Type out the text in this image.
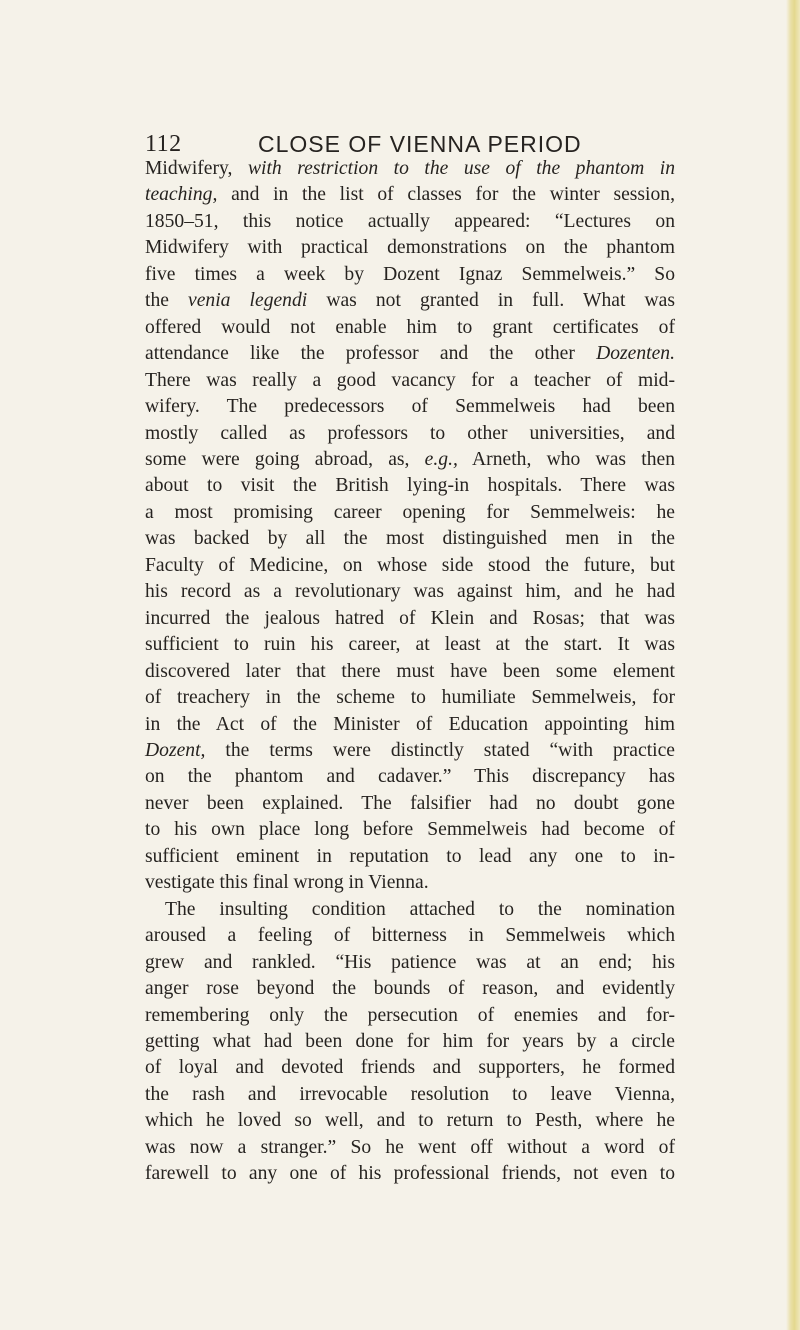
112	CLOSE OF VIENNA PERIOD
Midwifery, with restriction to the use of the phantom in
teaching, and in the list of classes for the winter session,
1850–51, this notice actually appeared: “Lectures on
Midwifery with practical demonstrations on the phantom
five times a week by Dozent Ignaz Semmelweis.” So
the venia legendi was not granted in full. What was
offered would not enable him to grant certificates of
attendance like the professor and the other Dozenten.
There was really a good vacancy for a teacher of mid-
wifery. The predecessors of Semmelweis had been
mostly called as professors to other universities, and
some were going abroad, as, e.g., Arneth, who was then
about to visit the British lying-in hospitals. There was
a most promising career opening for Semmelweis: he
was backed by all the most distinguished men in the
Faculty of Medicine, on whose side stood the future, but
his record as a revolutionary was against him, and he had
incurred the jealous hatred of Klein and Rosas; that was
sufficient to ruin his career, at least at the start. It was
discovered later that there must have been some element
of treachery in the scheme to humiliate Semmelweis, for
in the Act of the Minister of Education appointing him
Dozent, the terms were distinctly stated “with practice
on the phantom and cadaver.” This discrepancy has
never been explained. The falsifier had no doubt gone
to his own place long before Semmelweis had become of
sufficient eminent in reputation to lead any one to in-
vestigate this final wrong in Vienna.
The insulting condition attached to the nomination
aroused a feeling of bitterness in Semmelweis which
grew and rankled. “His patience was at an end; his
anger rose beyond the bounds of reason, and evidently
remembering only the persecution of enemies and for-
getting what had been done for him for years by a circle
of loyal and devoted friends and supporters, he formed
the rash and irrevocable resolution to leave Vienna,
which he loved so well, and to return to Pesth, where he
was now a stranger.” So he went off without a word of
farewell to any one of his professional friends, not even to
